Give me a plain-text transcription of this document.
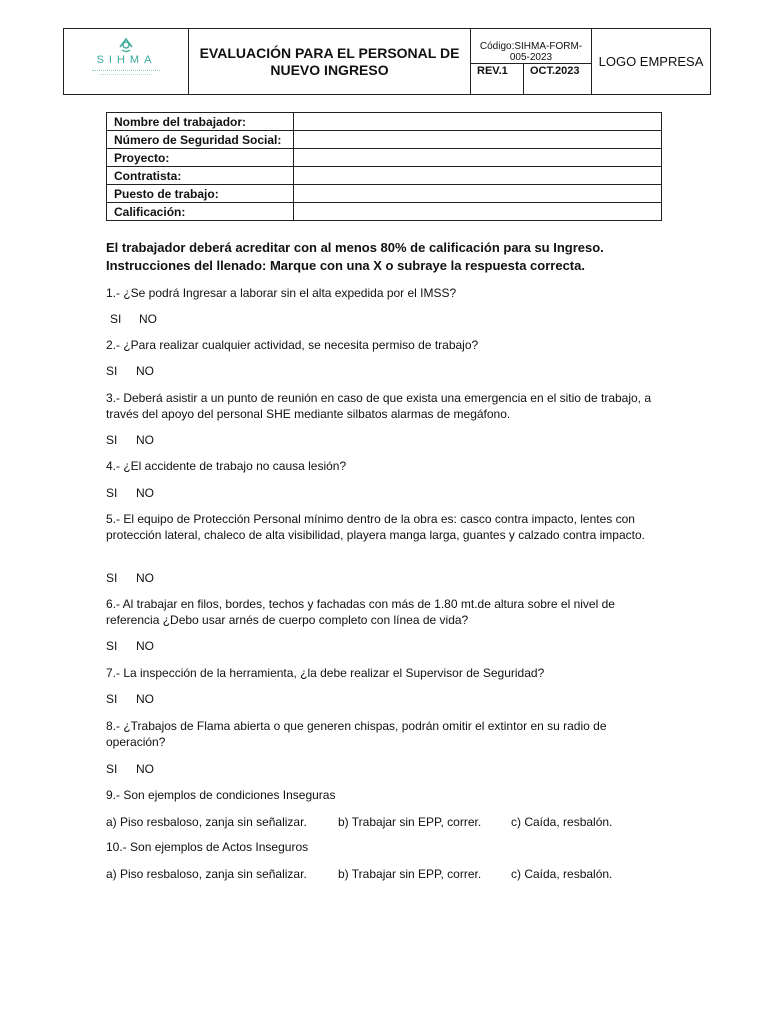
SIHMA	EVALUACIÓN PARA EL PERSONAL DE NUEVO INGRESO
Código:SIHMA-FORM-005-2023
REV.1	OCT.2023
LOGO EMPRESA
Nombre del trabajador:	
Número de Seguridad Social:	
Proyecto:	
Contratista:	
Puesto de trabajo:	
Calificación:	
El trabajador deberá acreditar con al menos 80% de calificación para su Ingreso.
Instrucciones del llenado: Marque con una X o subraye la respuesta correcta.
1.- ¿Se podrá Ingresar a laborar sin el alta expedida por el IMSS?
SI NO
2.- ¿Para realizar cualquier actividad, se necesita permiso de trabajo?
SI NO
3.- Deberá asistir a un punto de reunión en caso de que exista una emergencia en el sitio de trabajo, a través del apoyo del personal SHE mediante silbatos alarmas de megáfono.
SI NO
4.- ¿El accidente de trabajo no causa lesión?
SI NO
5.- El equipo de Protección Personal mínimo dentro de la obra es: casco contra impacto, lentes con protección lateral, chaleco de alta visibilidad, playera manga larga, guantes y calzado contra impacto.
SI NO
6.- Al trabajar en filos, bordes, techos y fachadas con más de 1.80 mt.de altura sobre el nivel de referencia ¿Debo usar arnés de cuerpo completo con línea de vida?
SI NO
7.- La inspección de la herramienta, ¿la debe realizar el Supervisor de Seguridad?
SI NO
8.- ¿Trabajos de Flama abierta o que generen chispas, podrán omitir el extintor en su radio de operación?
SI NO
9.- Son ejemplos de condiciones Inseguras
a) Piso resbaloso, zanja sin señalizar.	b) Trabajar sin EPP, correr. c) Caída, resbalón.
10.- Son ejemplos de Actos Inseguros
a) Piso resbaloso, zanja sin señalizar.	b) Trabajar sin EPP, correr. c) Caída, resbalón.
